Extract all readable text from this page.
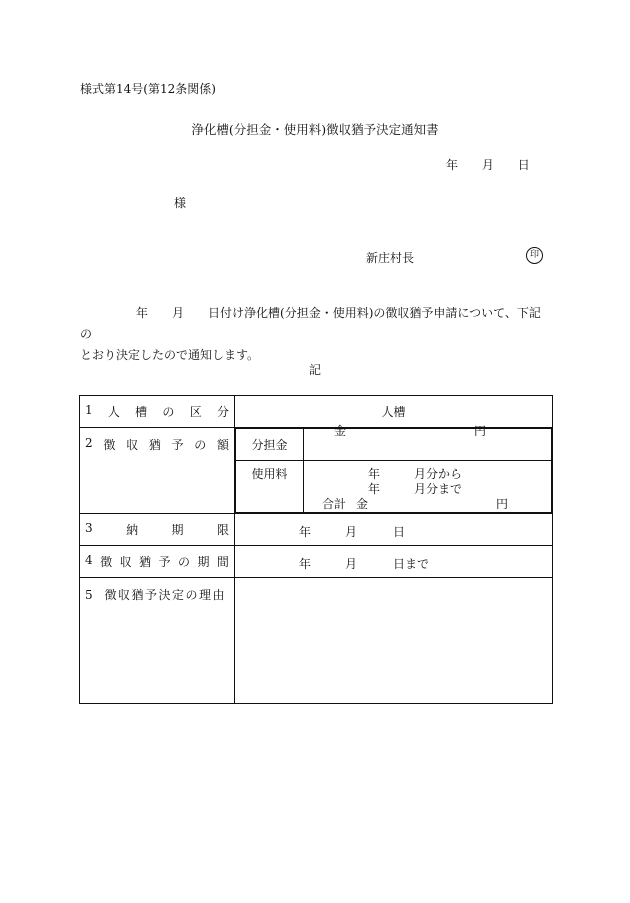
様式第14号(第12条関係)
浄化槽(分担金・使用料)徴収猶予決定通知書
年 月 日
様
新庄村長	印
年 月 日付け浄化槽(分担金・使用料)の徴収猶予申請について、下記の
とおり決定したので通知します。
記
1 人 槽 の 区 分	人槽

2 徴 収 猶 予 の 額
	分担金	
金	円

使用料	年	月分から
年	月分まで
合計 金	円

3	納	期	限	年	月	日

4 徴 収 猶 予 の 期 間	年	月	日まで

5 徴収猶予決定の理由	
